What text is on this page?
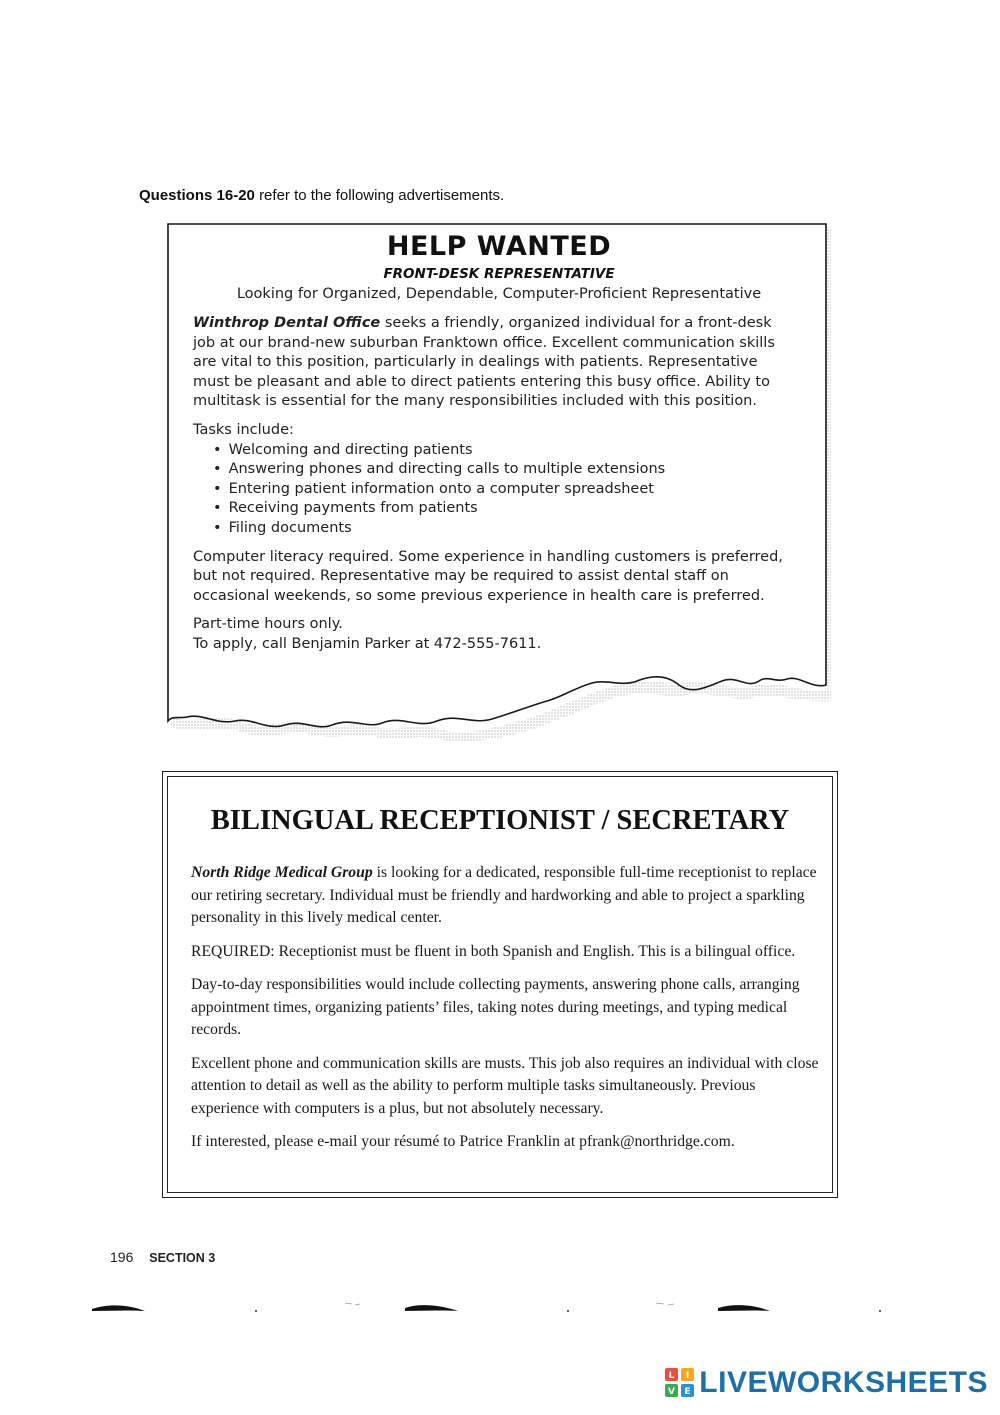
Questions 16-20 refer to the following advertisements.
HELP WANTED
FRONT-DESK REPRESENTATIVE
Looking for Organized, Dependable, Computer-Proficient Representative

Winthrop Dental Office seeks a friendly, organized individual for a front-desk job at our brand-new suburban Franktown office. Excellent communication skills are vital to this position, particularly in dealings with patients. Representative must be pleasant and able to direct patients entering this busy office. Ability to multitask is essential for the many responsibilities included with this position.

Tasks include:
• Welcoming and directing patients
• Answering phones and directing calls to multiple extensions
• Entering patient information onto a computer spreadsheet
• Receiving payments from patients
• Filing documents

Computer literacy required. Some experience in handling customers is preferred, but not required. Representative may be required to assist dental staff on occasional weekends, so some previous experience in health care is preferred.

Part-time hours only.
To apply, call Benjamin Parker at 472-555-7611.
BILINGUAL RECEPTIONIST / SECRETARY

North Ridge Medical Group is looking for a dedicated, responsible full-time receptionist to replace our retiring secretary. Individual must be friendly and hardworking and able to project a sparkling personality in this lively medical center.

REQUIRED: Receptionist must be fluent in both Spanish and English. This is a bilingual office.

Day-to-day responsibilities would include collecting payments, answering phone calls, arranging appointment times, organizing patients’ files, taking notes during meetings, and typing medical records.

Excellent phone and communication skills are musts. This job also requires an individual with close attention to detail as well as the ability to perform multiple tasks simultaneously. Previous experience with computers is a plus, but not absolutely necessary.

If interested, please e-mail your résumé to Patrice Franklin at pfrank@northridge.com.

196 SECTION 3
L I
V E LIVEWORKSHEETS
